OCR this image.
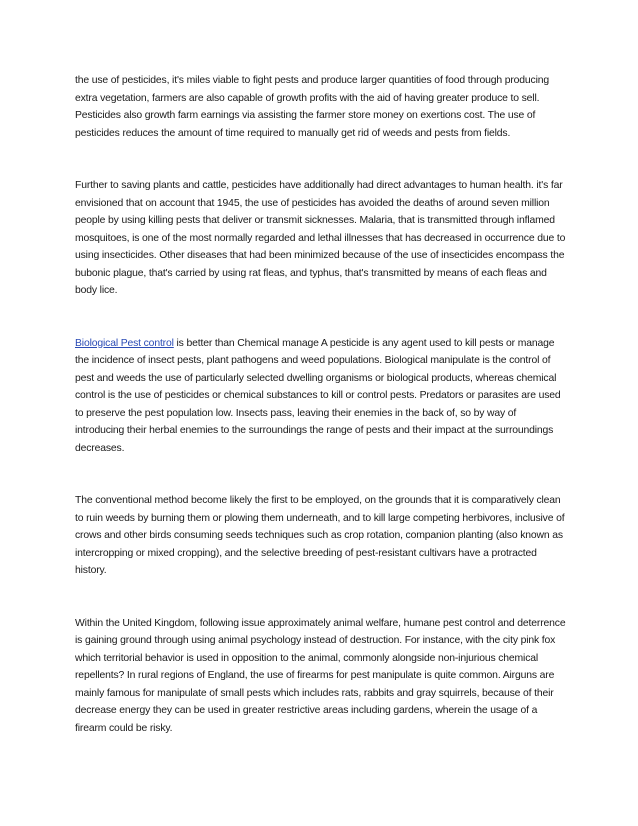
the use of pesticides, it's miles viable to fight pests and produce larger quantities of food through producing extra vegetation, farmers are also capable of growth profits with the aid of having greater produce to sell. Pesticides also growth farm earnings via assisting the farmer store money on exertions cost. The use of pesticides reduces the amount of time required to manually get rid of weeds and pests from fields.

Further to saving plants and cattle, pesticides have additionally had direct advantages to human health. it's far envisioned that on account that 1945, the use of pesticides has avoided the deaths of around seven million people by using killing pests that deliver or transmit sicknesses. Malaria, that is transmitted through inflamed mosquitoes, is one of the most normally regarded and lethal illnesses that has decreased in occurrence due to using insecticides. Other diseases that had been minimized because of the use of insecticides encompass the bubonic plague, that's carried by using rat fleas, and typhus, that's transmitted by means of each fleas and body lice.

Biological Pest control is better than Chemical manage A pesticide is any agent used to kill pests or manage the incidence of insect pests, plant pathogens and weed populations. Biological manipulate is the control of pest and weeds the use of particularly selected dwelling organisms or biological products, whereas chemical control is the use of pesticides or chemical substances to kill or control pests. Predators or parasites are used to preserve the pest population low. Insects pass, leaving their enemies in the back of, so by way of introducing their herbal enemies to the surroundings the range of pests and their impact at the surroundings decreases.

The conventional method become likely the first to be employed, on the grounds that it is comparatively clean to ruin weeds by burning them or plowing them underneath, and to kill large competing herbivores, inclusive of crows and other birds consuming seeds techniques such as crop rotation, companion planting (also known as intercropping or mixed cropping), and the selective breeding of pest-resistant cultivars have a protracted history.

Within the United Kingdom, following issue approximately animal welfare, humane pest control and deterrence is gaining ground through using animal psychology instead of destruction. For instance, with the city pink fox which territorial behavior is used in opposition to the animal, commonly alongside non-injurious chemical repellents? In rural regions of England, the use of firearms for pest manipulate is quite common. Airguns are mainly famous for manipulate of small pests which includes rats, rabbits and gray squirrels, because of their decrease energy they can be used in greater restrictive areas including gardens, wherein the usage of a firearm could be risky.
